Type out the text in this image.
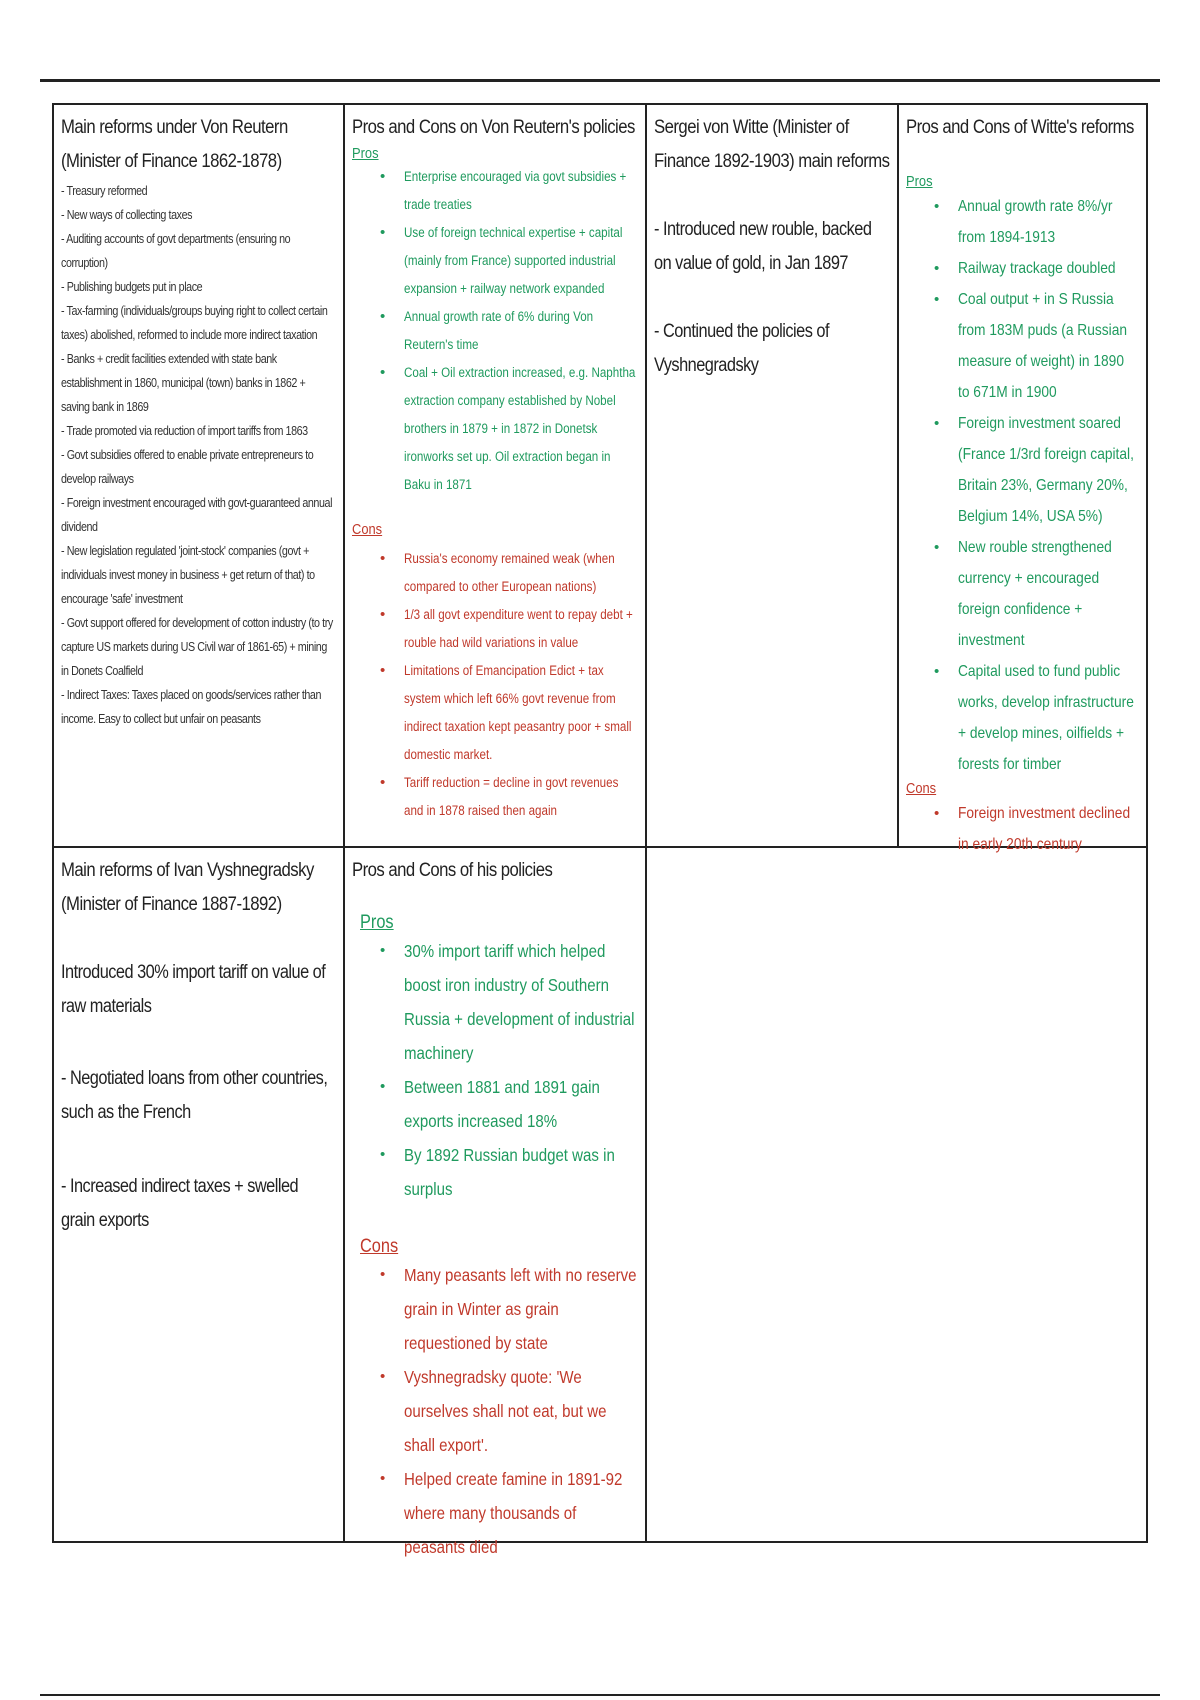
Main reforms under Von Reutern (Minister of Finance 1862-1878)
- Treasury reformed
- New ways of collecting taxes
- Auditing accounts of govt departments (ensuring no corruption)
- Publishing budgets put in place
- Tax-farming (individuals/groups buying right to collect certain taxes) abolished, reformed to include more indirect taxation
- Banks + credit facilities extended with state bank establishment in 1860, municipal (town) banks in 1862 + saving bank in 1869
- Trade promoted via reduction of import tariffs from 1863
- Govt subsidies offered to enable private entrepreneurs to develop railways
- Foreign investment encouraged with govt-guaranteed annual dividend
- New legislation regulated 'joint-stock' companies (govt + individuals invest money in business + get return of that) to encourage 'safe' investment
- Govt support offered for development of cotton industry (to try capture US markets during US Civil war of 1861-65) + mining in Donets Coalfield
- Indirect Taxes: Taxes placed on goods/services rather than income. Easy to collect but unfair on peasants
Pros and Cons on Von Reutern's policies
Pros
• Enterprise encouraged via govt subsidies + trade treaties
• Use of foreign technical expertise + capital (mainly from France) supported industrial expansion + railway network expanded
• Annual growth rate of 6% during Von Reutern's time
• Coal + Oil extraction increased, e.g. Naphtha extraction company established by Nobel brothers in 1879 + in 1872 in Donetsk ironworks set up. Oil extraction began in Baku in 1871
Cons
• Russia's economy remained weak (when compared to other European nations)
• 1/3 all govt expenditure went to repay debt + rouble had wild variations in value
• Limitations of Emancipation Edict + tax system which left 66% govt revenue from indirect taxation kept peasantry poor + small domestic market.
• Tariff reduction = decline in govt revenues and in 1878 raised then again
Sergei von Witte (Minister of Finance 1892-1903) main reforms
- Introduced new rouble, backed on value of gold, in Jan 1897
- Continued the policies of Vyshnegradsky
Pros and Cons of Witte's reforms
Pros
• Annual growth rate 8%/yr from 1894-1913
• Railway trackage doubled
• Coal output + in S Russia from 183M puds (a Russian measure of weight) in 1890 to 671M in 1900
• Foreign investment soared (France 1/3rd foreign capital, Britain 23%, Germany 20%, Belgium 14%, USA 5%)
• New rouble strengthened currency + encouraged foreign confidence + investment
• Capital used to fund public works, develop infrastructure + develop mines, oilfields + forests for timber
Cons
• Foreign investment declined in early 20th century
Main reforms of Ivan Vyshnegradsky (Minister of Finance 1887-1892)
Introduced 30% import tariff on value of raw materials
- Negotiated loans from other countries, such as the French
- Increased indirect taxes + swelled grain exports
Pros and Cons of his policies
Pros
• 30% import tariff which helped boost iron industry of Southern Russia + development of industrial machinery
• Between 1881 and 1891 gain exports increased 18%
• By 1892 Russian budget was in surplus
Cons
• Many peasants left with no reserve grain in Winter as grain requestioned by state
• Vyshnegradsky quote: 'We ourselves shall not eat, but we shall export'.
• Helped create famine in 1891-92 where many thousands of peasants died
